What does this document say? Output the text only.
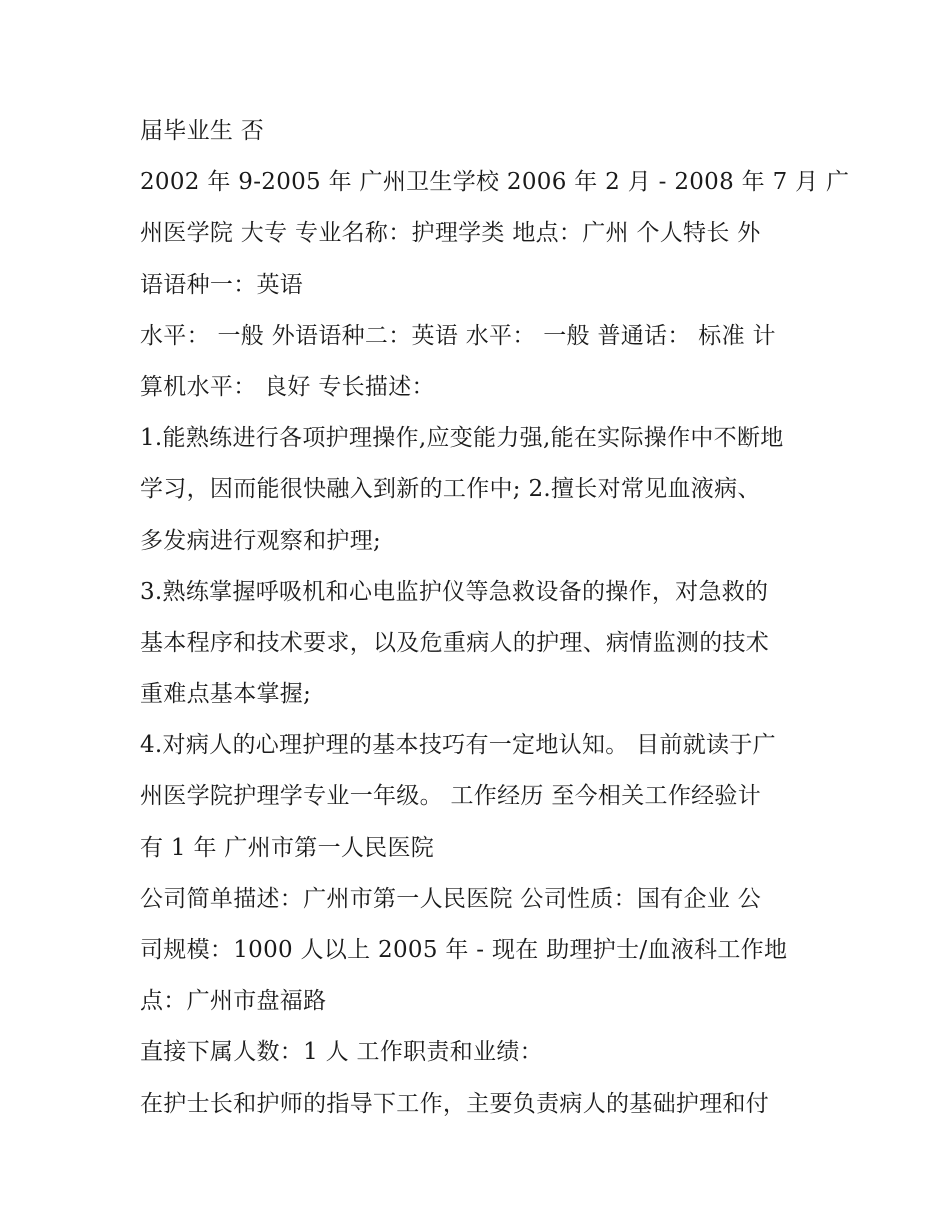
届毕业生 否
2002 年 9-2005 年 广州卫生学校 2006 年 2 月 - 2008 年 7 月 广
州医学院 大专 专业名称：护理学类 地点：广州 个人特长 外
语语种一：英语
水平： 一般 外语语种二：英语 水平： 一般 普通话： 标准 计
算机水平： 良好 专长描述：
1.能熟练进行各项护理操作,应变能力强,能在实际操作中不断地
学习，因而能很快融入到新的工作中; 2.擅长对常见血液病、
多发病进行观察和护理;
3.熟练掌握呼吸机和心电监护仪等急救设备的操作，对急救的
基本程序和技术要求，以及危重病人的护理、病情监测的技术
重难点基本掌握;
4.对病人的心理护理的基本技巧有一定地认知。 目前就读于广
州医学院护理学专业一年级。 工作经历 至今相关工作经验计
有 1 年 广州市第一人民医院
公司简单描述：广州市第一人民医院 公司性质：国有企业 公
司规模：1000 人以上 2005 年 - 现在 助理护士/血液科工作地
点：广州市盘福路
直接下属人数：1 人 工作职责和业绩：
在护士长和护师的指导下工作，主要负责病人的基础护理和付
